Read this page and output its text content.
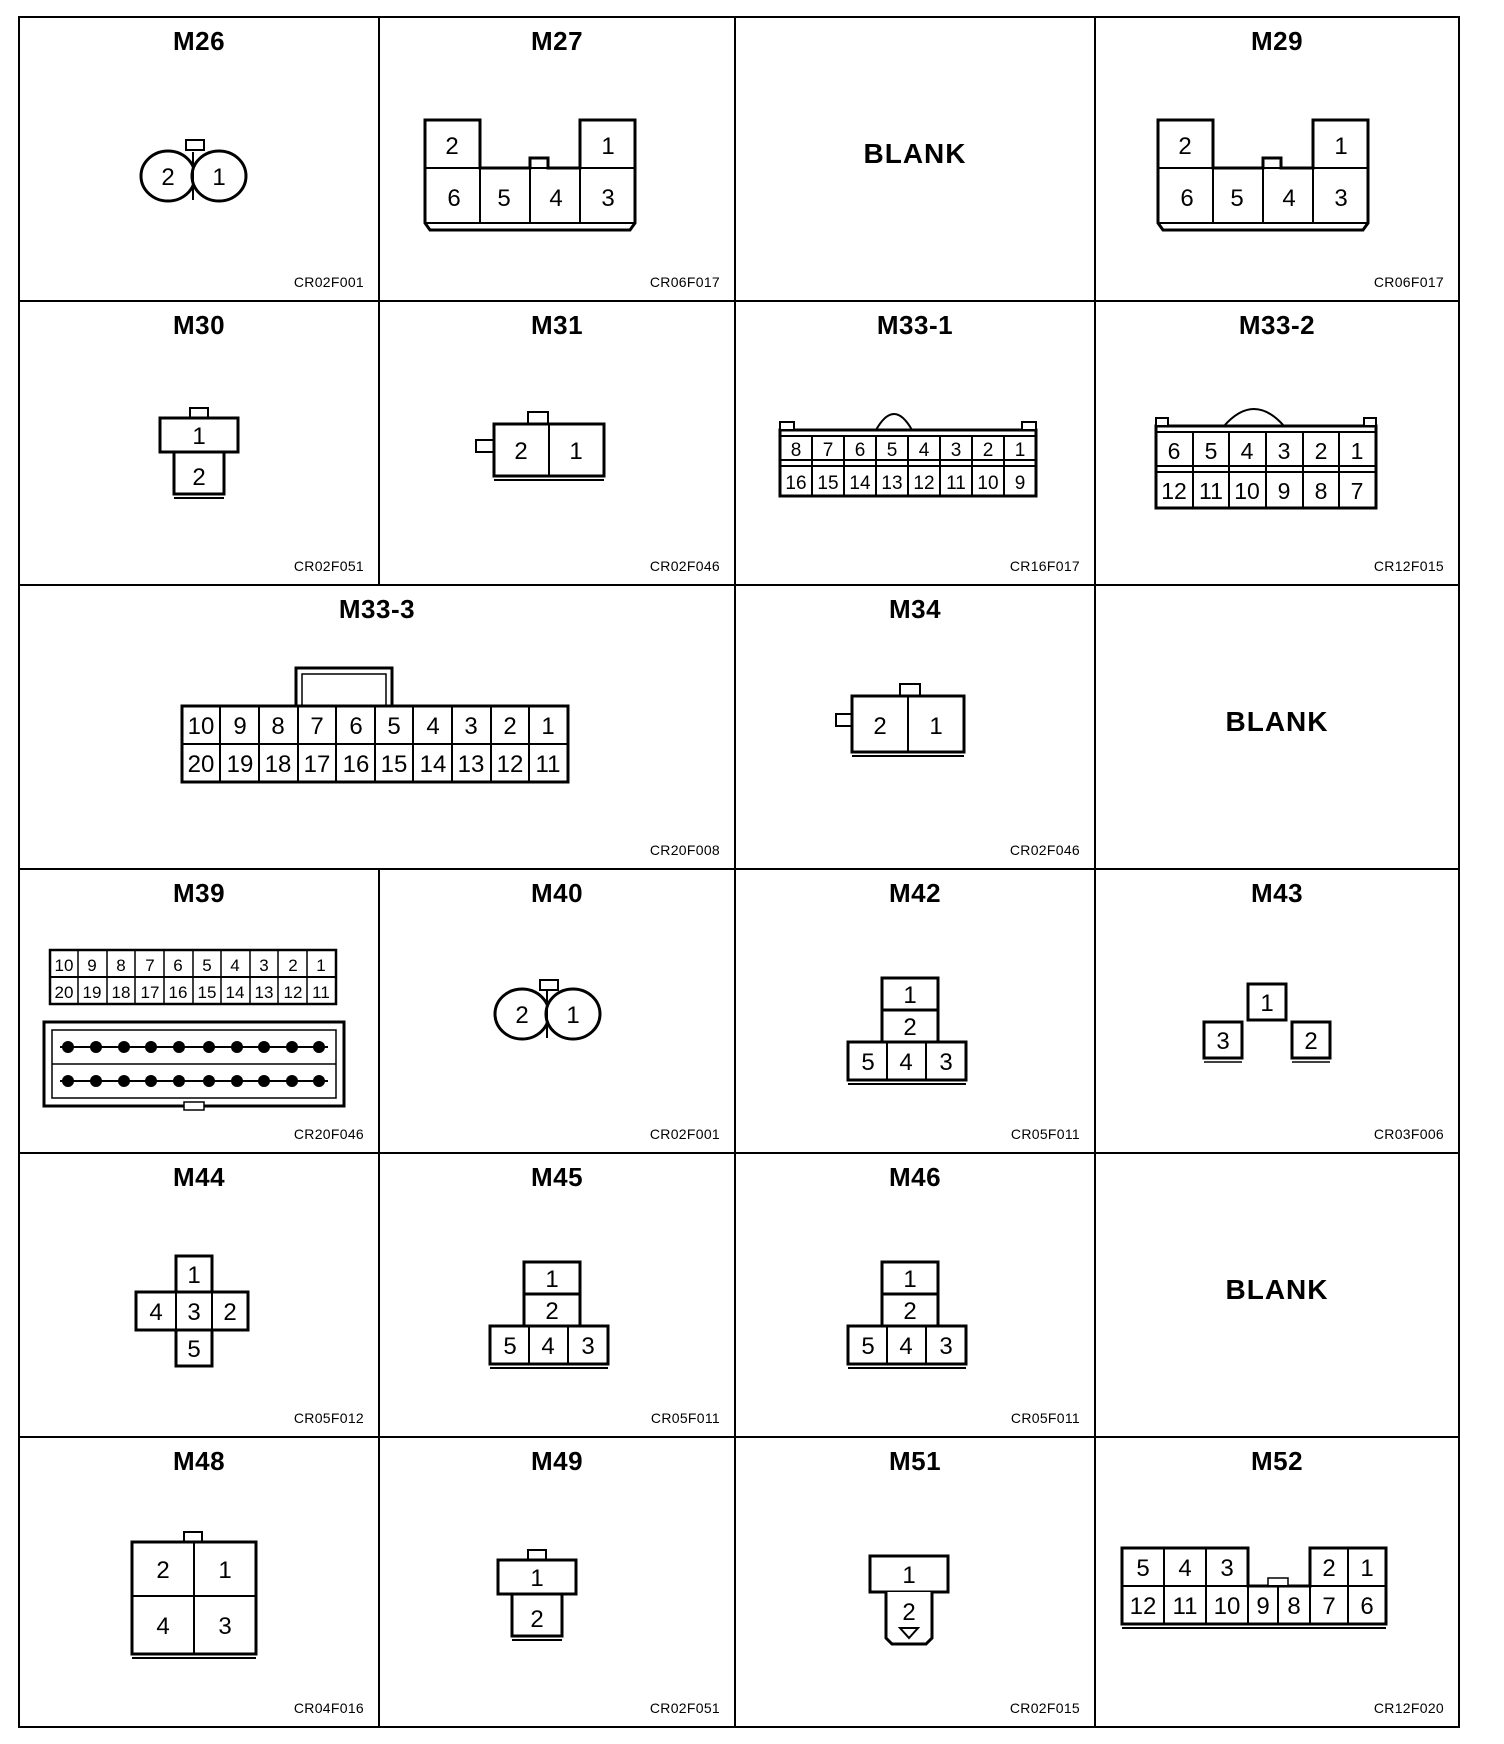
M26
2 1
CR02F001
M27
2	1
6 5 4 3
CR06F017
BLANK
M29
2	1
6 5 4 3
CR06F017
M30
1
2
CR02F051
M31
2 1
CR02F046
M33-1
8 7 6 5 4 3 2 1
16 15 14 13 12 11 10 9
CR16F017
M33-2
6 5 4 3 2 1
12 11 10 9 8 7
CR12F015
M33-3
10 9 8 7 6 5 4 3 2 1
20 19 18 17 16 15 14 13 12 11
CR20F008
M34
2 1
CR02F046
BLANK
M39
10 9 8 7 6 5 4 3 2 1
20 19 18 17 16 15 14 13 12 11
CR20F046
M40
2 1
CR02F001
M42
1
2
5 4 3
CR05F011
M43
1
3	2
CR03F006
M44
1
4 3 2
5
CR05F012
M45
1
2
5 4 3
CR05F011
M46
1
2
5 4 3
CR05F011
BLANK
M48
2 1
4 3
CR04F016
M49
1
2
CR02F051
M51
1
2
CR02F015
M52
5 4 3	2 1
12 11 10 9 8 7 6
CR12F020
